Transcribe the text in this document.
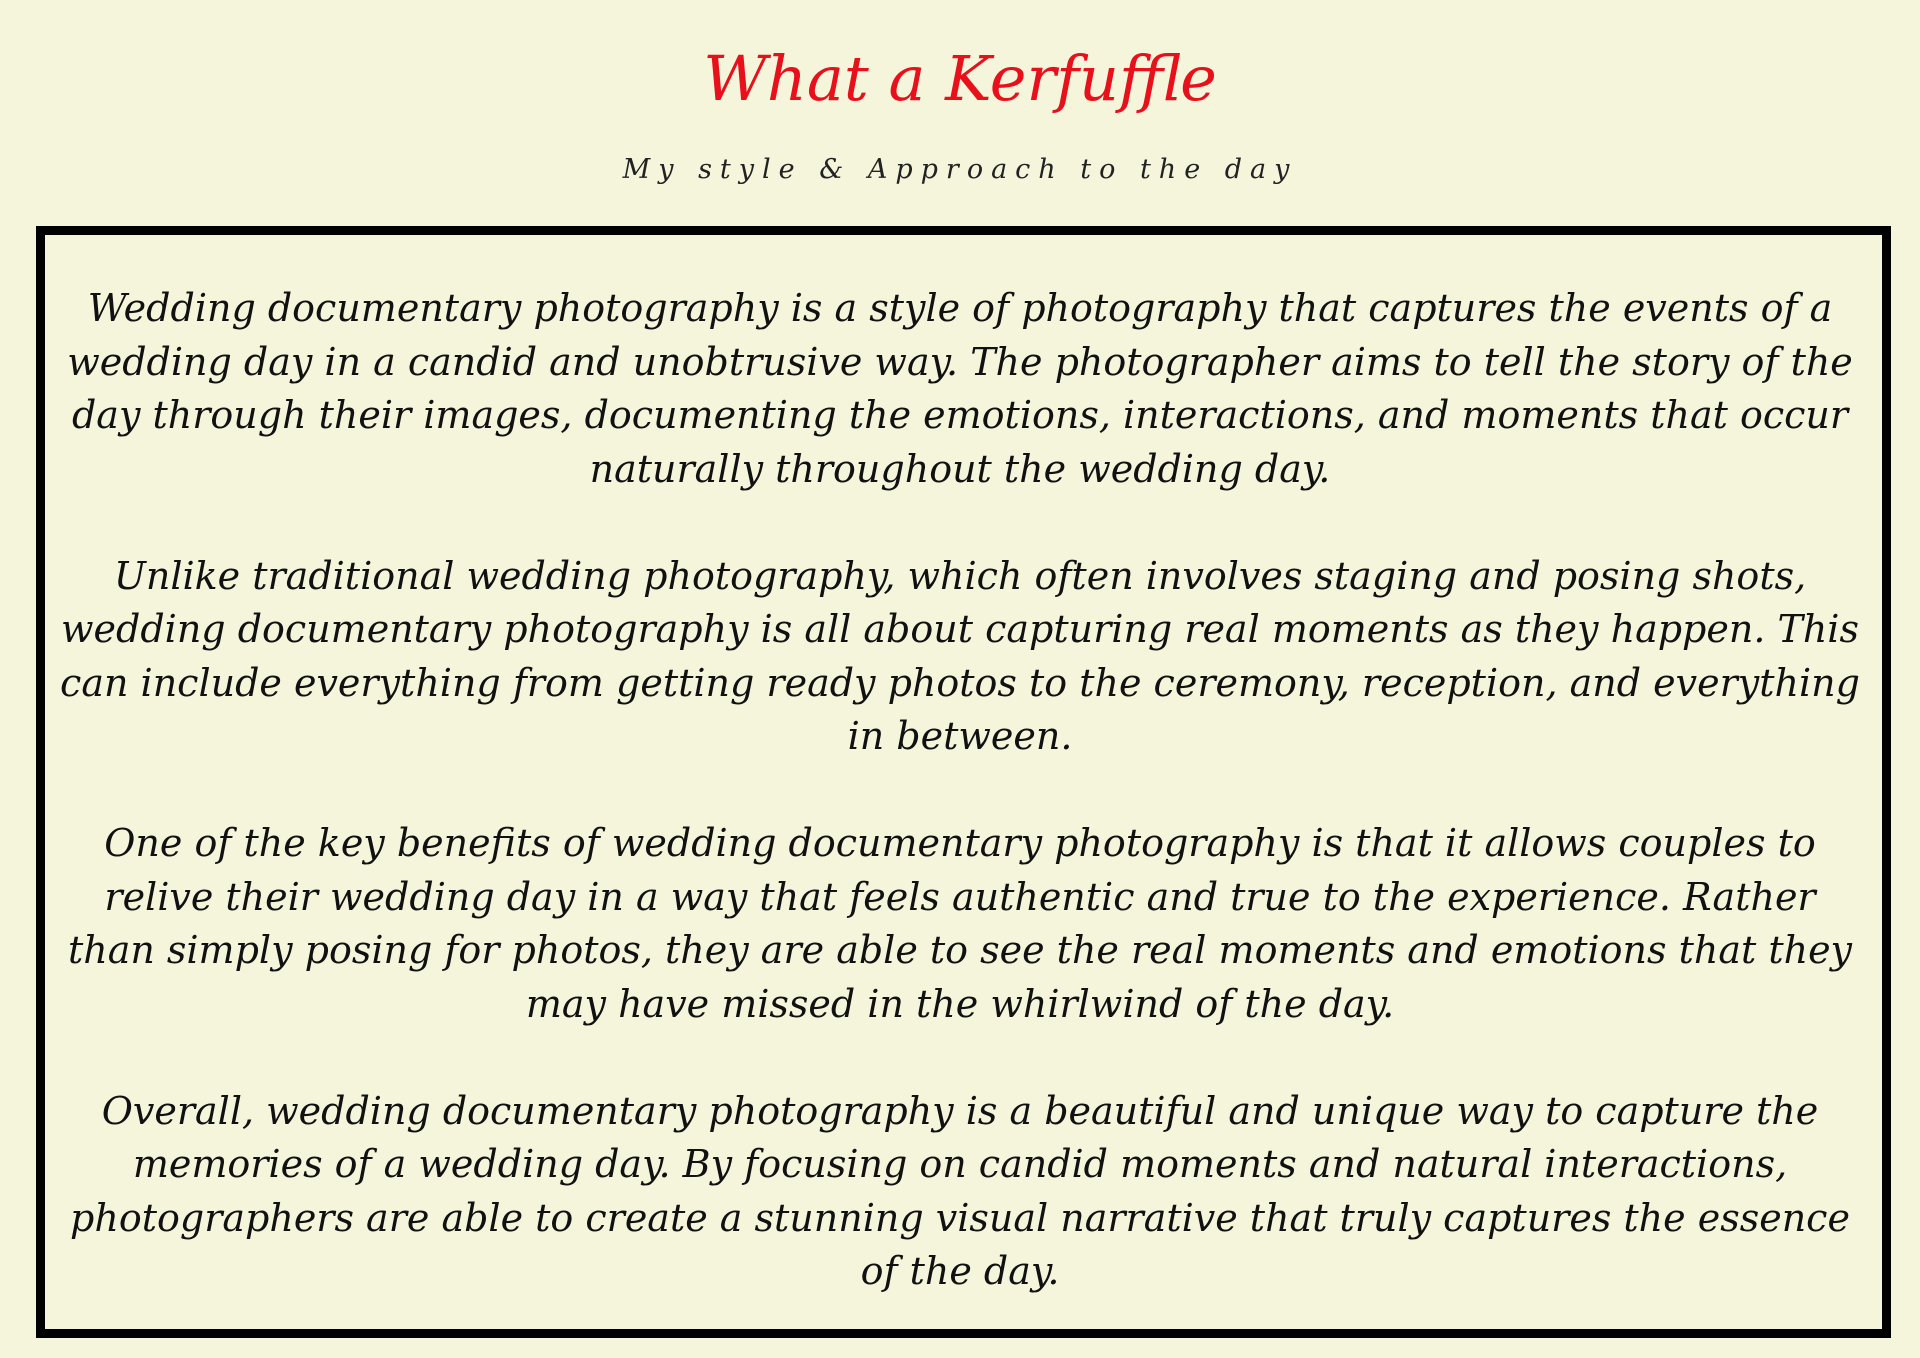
What a Kerfuffle
My style & Approach to the day

Wedding documentary photography is a style of photography that captures the events of a wedding day in a candid and unobtrusive way. The photographer aims to tell the story of the day through their images, documenting the emotions, interactions, and moments that occur naturally throughout the wedding day.

Unlike traditional wedding photography, which often involves staging and posing shots, wedding documentary photography is all about capturing real moments as they happen. This can include everything from getting ready photos to the ceremony, reception, and everything in between.

One of the key benefits of wedding documentary photography is that it allows couples to relive their wedding day in a way that feels authentic and true to the experience. Rather than simply posing for photos, they are able to see the real moments and emotions that they may have missed in the whirlwind of the day.

Overall, wedding documentary photography is a beautiful and unique way to capture the memories of a wedding day. By focusing on candid moments and natural interactions, photographers are able to create a stunning visual narrative that truly captures the essence of the day.
